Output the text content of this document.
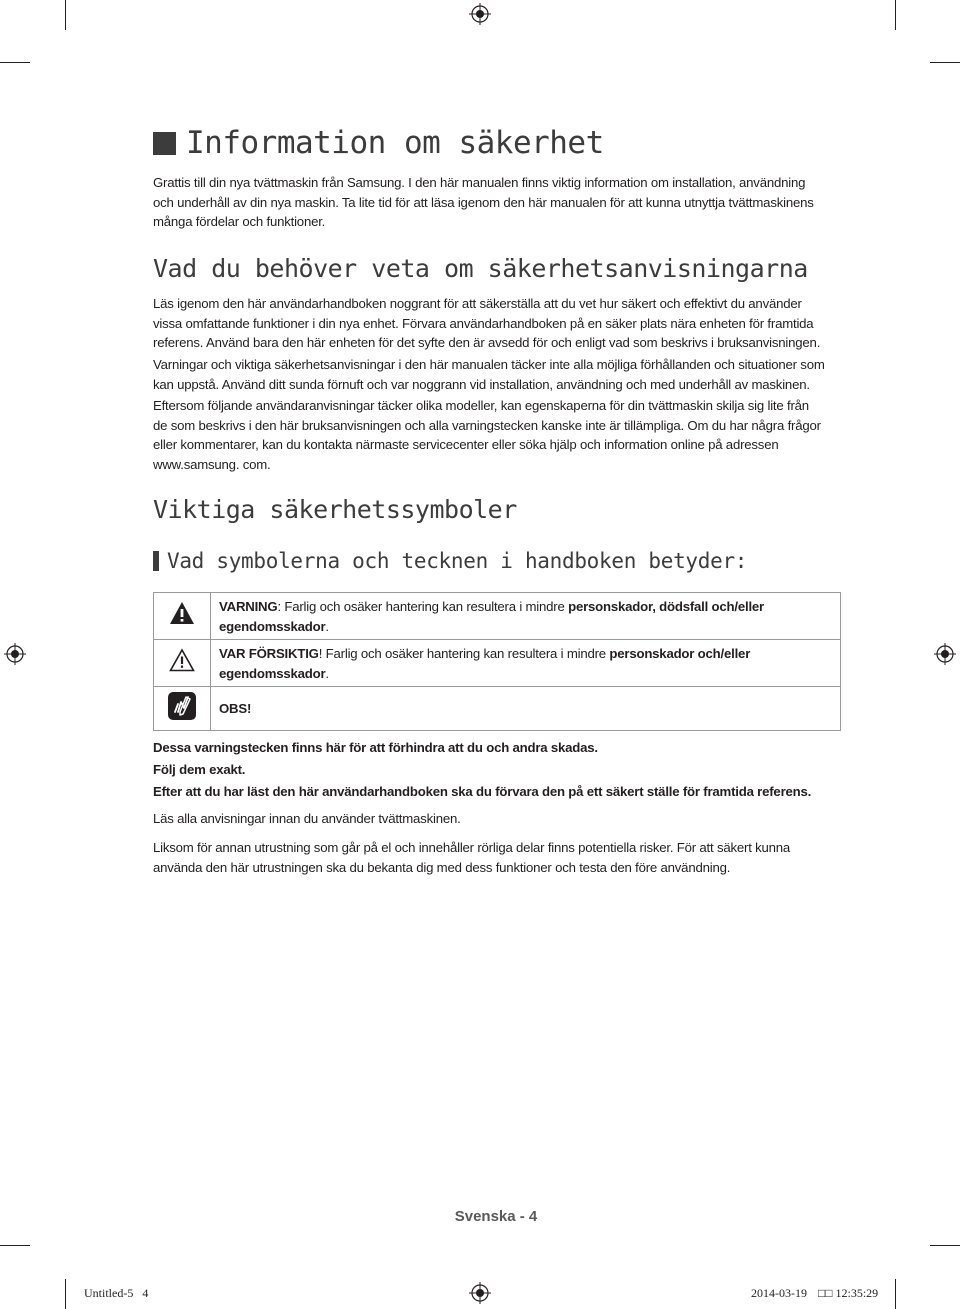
Information om säkerhet

Grattis till din nya tvättmaskin från Samsung. I den här manualen finns viktig information om installation, användning och underhåll av din nya maskin. Ta lite tid för att läsa igenom den här manualen för att kunna utnyttja tvättmaskinens många fördelar och funktioner.

Vad du behöver veta om säkerhetsanvisningarna

Läs igenom den här användarhandboken noggrant för att säkerställa att du vet hur säkert och effektivt du använder vissa omfattande funktioner i din nya enhet. Förvara användarhandboken på en säker plats nära enheten för framtida referens. Använd bara den här enheten för det syfte den är avsedd för och enligt vad som beskrivs i bruksanvisningen.

Varningar och viktiga säkerhetsanvisningar i den här manualen täcker inte alla möjliga förhållanden och situationer som kan uppstå. Använd ditt sunda förnuft och var noggrann vid installation, användning och med underhåll av maskinen.

Eftersom följande användaranvisningar täcker olika modeller, kan egenskaperna för din tvättmaskin skilja sig lite från de som beskrivs i den här bruksanvisningen och alla varningstecken kanske inte är tillämpliga. Om du har några frågor eller kommentarer, kan du kontakta närmaste servicecenter eller söka hjälp och information online på adressen www.samsung. com.

Viktiga säkerhetssymboler
Vad symbolerna och tecknen i handboken betyder:
	VARNING: Farlig och osäker hantering kan resultera i mindre personskador, dödsfall och/eller egendomsskador.
	VAR FÖRSIKTIG! Farlig och osäker hantering kan resultera i mindre personskador och/eller egendomsskador.
	OBS!

Dessa varningstecken finns här för att förhindra att du och andra skadas.

Följ dem exakt.

Efter att du har läst den här användarhandboken ska du förvara den på ett säkert ställe för framtida referens.

Läs alla anvisningar innan du använder tvättmaskinen.

Liksom för annan utrustning som går på el och innehåller rörliga delar finns potentiella risker. För att säkert kunna använda den här utrustningen ska du bekanta dig med dess funktioner och testa den före användning.

Svenska - 4
Untitled-5   4	2014-03-19 □□ 12:35:29
